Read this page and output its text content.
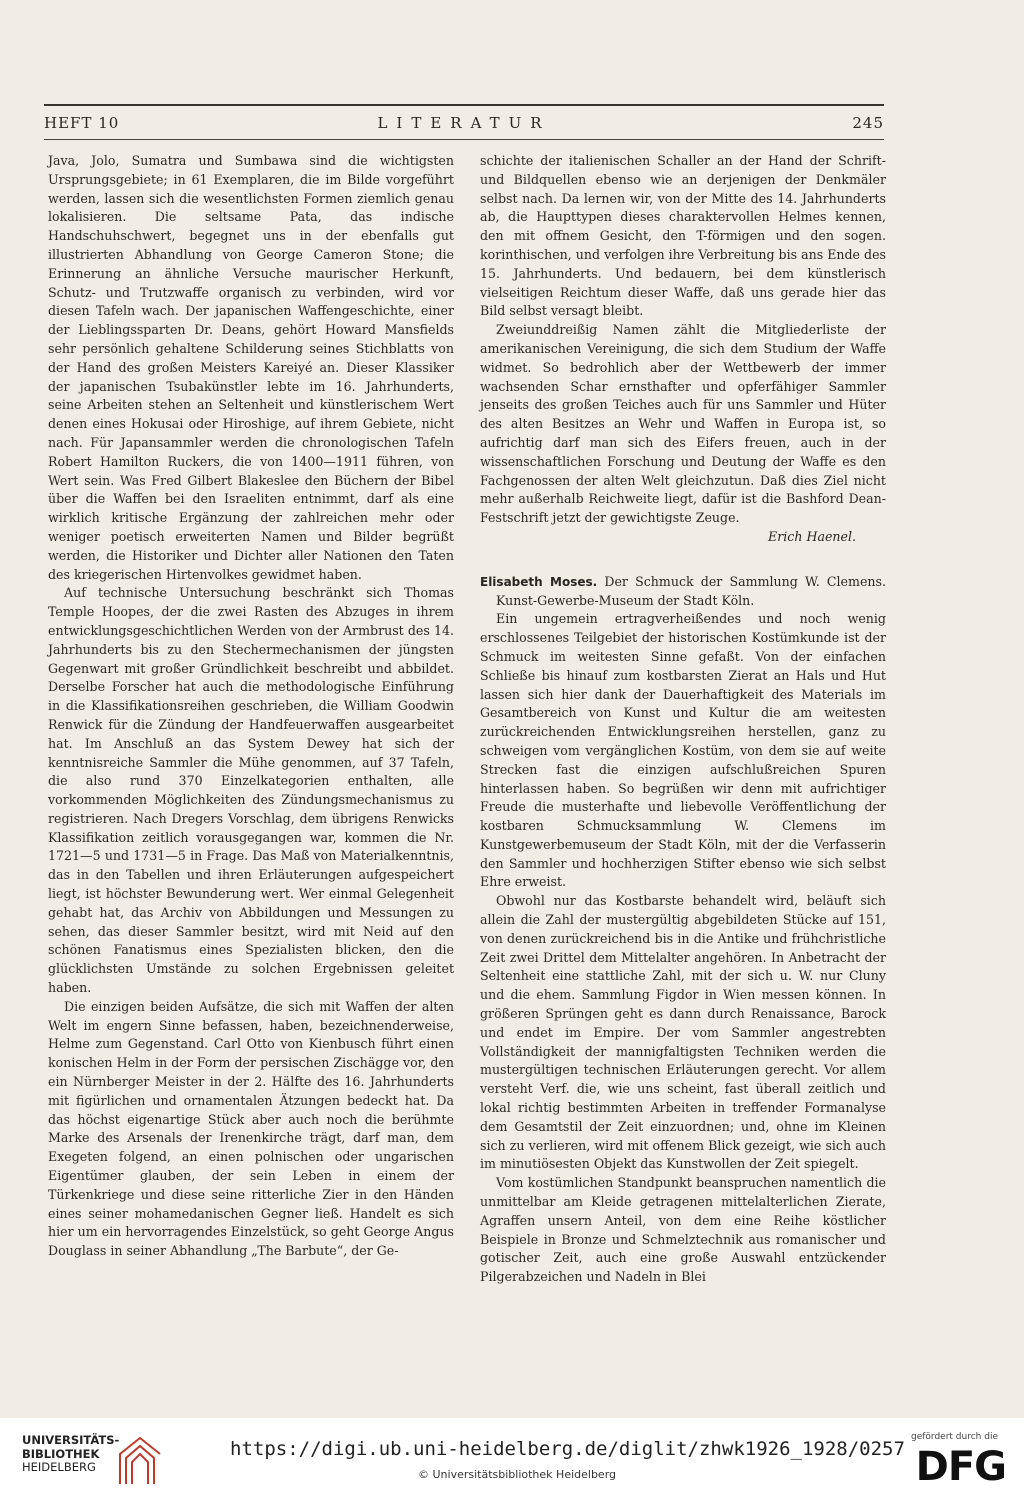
HEFT 10	LITERATUR	245

Java, Jolo, Sumatra und Sumbawa sind die wichtigsten Ursprungsgebiete; in 61 Exemplaren, die im Bilde vorgeführt werden, lassen sich die wesentlichsten Formen ziemlich genau lokalisieren. Die seltsame Pata, das indische Handschuhschwert, begegnet uns in der ebenfalls gut illustrierten Abhandlung von George Cameron Stone; die Erinnerung an ähnliche Versuche maurischer Herkunft, Schutz- und Trutzwaffe organisch zu verbinden, wird vor diesen Tafeln wach. Der japanischen Waffengeschichte, einer der Lieblingssparten Dr. Deans, gehört Howard Mansfields sehr persönlich gehaltene Schilderung seines Stichblatts von der Hand des großen Meisters Kareiyé an. Dieser Klassiker der japanischen Tsubakünstler lebte im 16. Jahrhunderts, seine Arbeiten stehen an Seltenheit und künstlerischem Wert denen eines Hokusai oder Hiroshige, auf ihrem Gebiete, nicht nach. Für Japansammler werden die chronologischen Tafeln Robert Hamilton Ruckers, die von 1400—1911 führen, von Wert sein. Was Fred Gilbert Blakeslee den Büchern der Bibel über die Waffen bei den Israeliten entnimmt, darf als eine wirklich kritische Ergänzung der zahlreichen mehr oder weniger poetisch erweiterten Namen und Bilder begrüßt werden, die Historiker und Dichter aller Nationen den Taten des kriegerischen Hirtenvolkes gewidmet haben.

Auf technische Untersuchung beschränkt sich Thomas Temple Hoopes, der die zwei Rasten des Abzuges in ihrem entwicklungsgeschichtlichen Werden von der Armbrust des 14. Jahrhunderts bis zu den Stechermechanismen der jüngsten Gegenwart mit großer Gründlichkeit beschreibt und abbildet. Derselbe Forscher hat auch die methodologische Einführung in die Klassifikationsreihen geschrieben, die William Goodwin Renwick für die Zündung der Handfeuerwaffen ausgearbeitet hat. Im Anschluß an das System Dewey hat sich der kenntnisreiche Sammler die Mühe genommen, auf 37 Tafeln, die also rund 370 Einzelkategorien enthalten, alle vorkommenden Möglichkeiten des Zündungsmechanismus zu registrieren. Nach Dregers Vorschlag, dem übrigens Renwicks Klassifikation zeitlich vorausgegangen war, kommen die Nr. 1721—5 und 1731—5 in Frage. Das Maß von Materialkenntnis, das in den Tabellen und ihren Erläuterungen aufgespeichert liegt, ist höchster Bewunderung wert. Wer einmal Gelegenheit gehabt hat, das Archiv von Abbildungen und Messungen zu sehen, das dieser Sammler besitzt, wird mit Neid auf den schönen Fanatismus eines Spezialisten blicken, den die glücklichsten Umstände zu solchen Ergebnissen geleitet haben.

Die einzigen beiden Aufsätze, die sich mit Waffen der alten Welt im engern Sinne befassen, haben, bezeichnenderweise, Helme zum Gegenstand. Carl Otto von Kienbusch führt einen konischen Helm in der Form der persischen Zischägge vor, den ein Nürnberger Meister in der 2. Hälfte des 16. Jahrhunderts mit figürlichen und ornamentalen Ätzungen bedeckt hat. Da das höchst eigenartige Stück aber auch noch die berühmte Marke des Arsenals der Irenenkirche trägt, darf man, dem Exegeten folgend, an einen polnischen oder ungarischen Eigentümer glauben, der sein Leben in einem der Türkenkriege und diese seine ritterliche Zier in den Händen eines seiner mohamedanischen Gegner ließ. Handelt es sich hier um ein hervorragendes Einzelstück, so geht George Angus Douglass in seiner Abhandlung „The Barbute“, der Ge-

schichte der italienischen Schaller an der Hand der Schrift- und Bildquellen ebenso wie an derjenigen der Denkmäler selbst nach. Da lernen wir, von der Mitte des 14. Jahrhunderts ab, die Haupttypen dieses charaktervollen Helmes kennen, den mit offnem Gesicht, den T-förmigen und den sogen. korinthischen, und verfolgen ihre Verbreitung bis ans Ende des 15. Jahrhunderts. Und bedauern, bei dem künstlerisch vielseitigen Reichtum dieser Waffe, daß uns gerade hier das Bild selbst versagt bleibt.

Zweiunddreißig Namen zählt die Mitgliederliste der amerikanischen Vereinigung, die sich dem Studium der Waffe widmet. So bedrohlich aber der Wettbewerb der immer wachsenden Schar ernsthafter und opferfähiger Sammler jenseits des großen Teiches auch für uns Sammler und Hüter des alten Besitzes an Wehr und Waffen in Europa ist, so aufrichtig darf man sich des Eifers freuen, auch in der wissenschaftlichen Forschung und Deutung der Waffe es den Fachgenossen der alten Welt gleichzutun. Daß dies Ziel nicht mehr außerhalb Reichweite liegt, dafür ist die Bashford Dean-Festschrift jetzt der gewichtigste Zeuge.

Erich Haenel.

Elisabeth Moses. Der Schmuck der Sammlung W. Clemens. Kunst-Gewerbe-Museum der Stadt Köln.

Ein ungemein ertragverheißendes und noch wenig erschlossenes Teilgebiet der historischen Kostümkunde ist der Schmuck im weitesten Sinne gefaßt. Von der einfachen Schließe bis hinauf zum kostbarsten Zierat an Hals und Hut lassen sich hier dank der Dauerhaftigkeit des Materials im Gesamtbereich von Kunst und Kultur die am weitesten zurückreichenden Entwicklungsreihen herstellen, ganz zu schweigen vom vergänglichen Kostüm, von dem sie auf weite Strecken fast die einzigen aufschlußreichen Spuren hinterlassen haben. So begrüßen wir denn mit aufrichtiger Freude die musterhafte und liebevolle Veröffentlichung der kostbaren Schmucksammlung W. Clemens im Kunstgewerbemuseum der Stadt Köln, mit der die Verfasserin den Sammler und hochherzigen Stifter ebenso wie sich selbst Ehre erweist.

Obwohl nur das Kostbarste behandelt wird, beläuft sich allein die Zahl der mustergültig abgebildeten Stücke auf 151, von denen zurückreichend bis in die Antike und frühchristliche Zeit zwei Drittel dem Mittelalter angehören. In Anbetracht der Seltenheit eine stattliche Zahl, mit der sich u. W. nur Cluny und die ehem. Sammlung Figdor in Wien messen können. In größeren Sprüngen geht es dann durch Renaissance, Barock und endet im Empire. Der vom Sammler angestrebten Vollständigkeit der mannigfaltigsten Techniken werden die mustergültigen technischen Erläuterungen gerecht. Vor allem versteht Verf. die, wie uns scheint, fast überall zeitlich und lokal richtig bestimmten Arbeiten in treffender Formanalyse dem Gesamtstil der Zeit einzuordnen; und, ohne im Kleinen sich zu verlieren, wird mit offenem Blick gezeigt, wie sich auch im minutiösesten Objekt das Kunstwollen der Zeit spiegelt.

Vom kostümlichen Standpunkt beanspruchen namentlich die unmittelbar am Kleide getragenen mittelalterlichen Zierate, Agraffen unsern Anteil, von dem eine Reihe köstlicher Beispiele in Bronze und Schmelztechnik aus romanischer und gotischer Zeit, auch eine große Auswahl entzückender Pilgerabzeichen und Nadeln in Blei

UNIVERSITÄTS-
BIBLIOTHEK
HEIDELBERG
https://digi.ub.uni-heidelberg.de/diglit/zhwk1926_1928/0257
© Universitätsbibliothek Heidelberg
gefördert durch die
DFG
